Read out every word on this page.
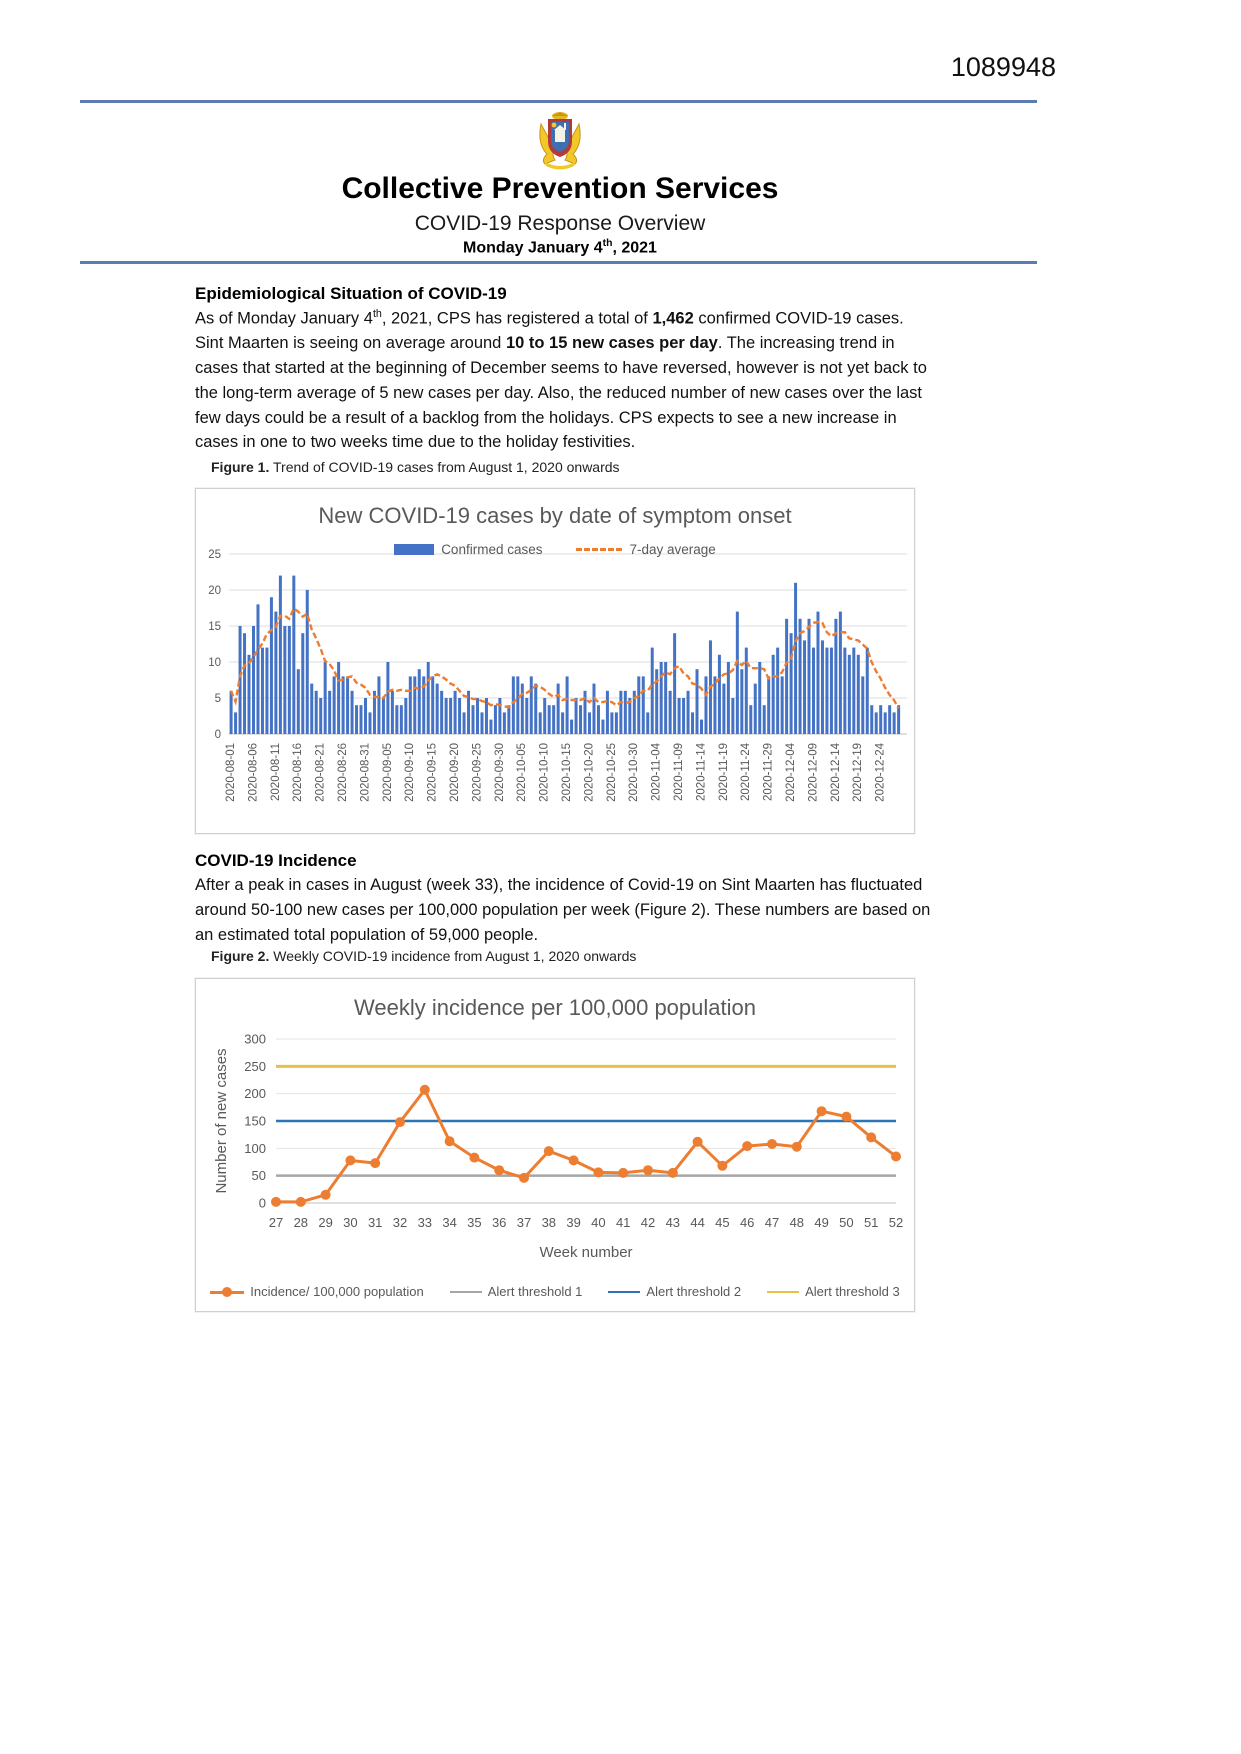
1089948
Collective Prevention Services
COVID-19 Response Overview
Monday January 4th, 2021
Epidemiological Situation of COVID-19

As of Monday January 4th, 2021, CPS has registered a total of 1,462 confirmed COVID-19 cases. Sint Maarten is seeing on average around 10 to 15 new cases per day. The increasing trend in cases that started at the beginning of December seems to have reversed, however is not yet back to the long-term average of 5 new cases per day. Also, the reduced number of new cases over the last few days could be a result of a backlog from the holidays. CPS expects to see a new increase in cases in one to two weeks time due to the holiday festivities.

Figure 1. Trend of COVID-19 cases from August 1, 2020 onwards
New COVID-19 cases by date of symptom onset
Confirmed cases	7-day average
0
5
10
15
20
25
2020-08-01 2020-08-06 2020-08-11 2020-08-16 2020-08-21 2020-08-26 2020-08-31 2020-09-05 2020-09-10 2020-09-15 2020-09-20 2020-09-25 2020-09-30 2020-10-05 2020-10-10 2020-10-15 2020-10-20 2020-10-25 2020-10-30 2020-11-04 2020-11-09 2020-11-14 2020-11-19 2020-11-24 2020-11-29 2020-12-04 2020-12-09 2020-12-14 2020-12-19 2020-12-24
COVID-19 Incidence

After a peak in cases in August (week 33), the incidence of Covid-19 on Sint Maarten has fluctuated around 50-100 new cases per 100,000 population per week (Figure 2). These numbers are based on an estimated total population of 59,000 people.

Figure 2. Weekly COVID-19 incidence from August 1, 2020 onwards
Weekly incidence per 100,000 population
0
50
100
150
200
250
300
27 28 29 30 31 32 33 34 35 36 37 38 39 40 41 42 43 44 45 46 47 48 49 50 51 52
Week number
Number of new cases
Incidence/ 100,000 population	Alert threshold 1	Alert threshold 2	Alert threshold 3
